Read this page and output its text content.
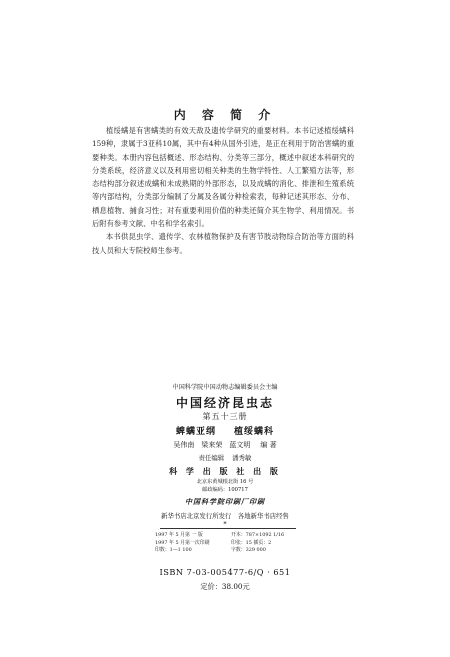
内 容 简 介

植绥螨是有害螨类的有效天敌及遗传学研究的重要材料。本书记述植绥螨科159种，隶属于3亚科10属，其中有4种从国外引进，是正在利用于防治害螨的重要种类。本册内容包括概述、形态结构、分类等三部分，概述中叙述本科研究的分类系统，经济意义以及利用密切相关种类的生物学特性、人工繁殖方法等，形态结构部分叙述成螨和未成熟期的外部形态，以及成螨的消化、排泄和生殖系统等内部结构，分类部分编制了分属及各属分种检索表，每种记述其形态、分布、栖息植物、捕食习性；对有重要利用价值的种类还简介其生物学、利用情况。书后附有参考文献、中名和学名索引。

本书供昆虫学、遗传学、农林植物保护及有害节肢动物综合防治等方面的科技人员和大专院校师生参考。

中国科学院中国动物志编辑委员会主编
中国经济昆虫志
第五十三册
蜱螨亚纲 植绥螨科
吴伟南　梁来荣　蓝文明 编 著
责任编辑 潘秀敏
科 学 出 版 社 出 版
北京东黄城根北街 16 号
邮政编码：100717
中国科学院印刷厂印刷
新华书店北京发行所发行　各地新华书店经售
*
1997 年 5 月第 一 版	开本：787×1092 1/16
1997 年 5 月第一次印刷	印张：15 插页：2
印数：1—1 100	字数：329 000
ISBN 7-03-005477-6/Q · 651
定价：38.00元
